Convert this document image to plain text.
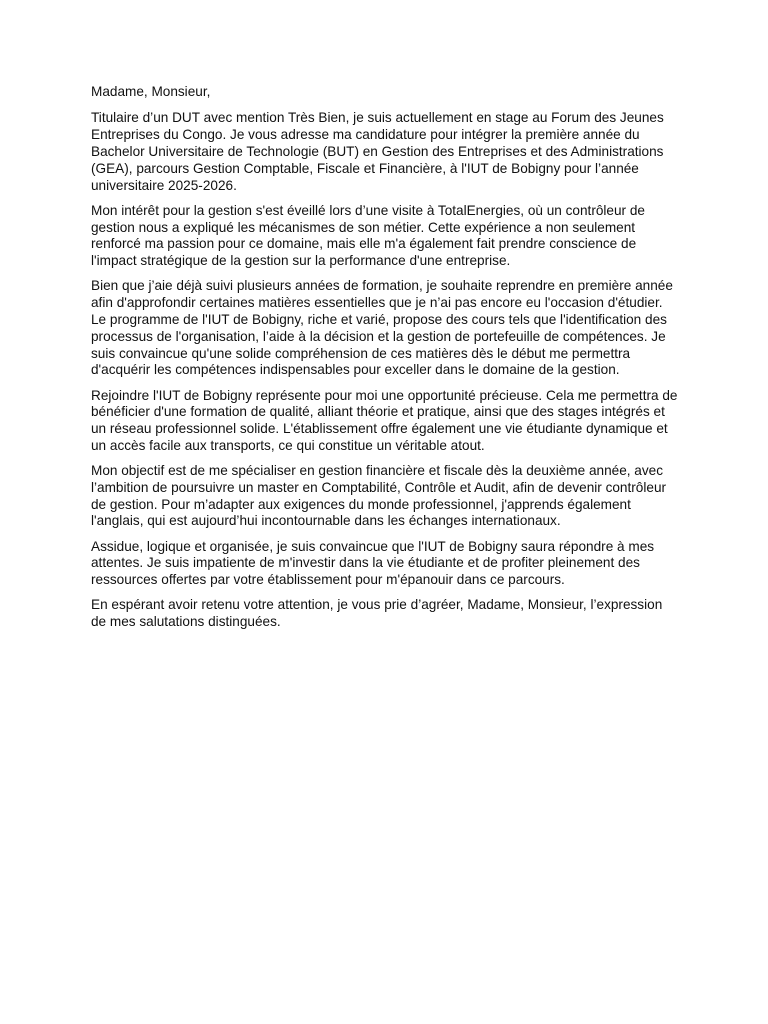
Madame, Monsieur,

Titulaire d’un DUT avec mention Très Bien, je suis actuellement en stage au Forum des Jeunes Entreprises du Congo. Je vous adresse ma candidature pour intégrer la première année du Bachelor Universitaire de Technologie (BUT) en Gestion des Entreprises et des Administrations (GEA), parcours Gestion Comptable, Fiscale et Financière, à l'IUT de Bobigny pour l’année universitaire 2025-2026.

Mon intérêt pour la gestion s'est éveillé lors d’une visite à TotalEnergies, où un contrôleur de gestion nous a expliqué les mécanismes de son métier. Cette expérience a non seulement renforcé ma passion pour ce domaine, mais elle m'a également fait prendre conscience de l'impact stratégique de la gestion sur la performance d'une entreprise.

Bien que j’aie déjà suivi plusieurs années de formation, je souhaite reprendre en première année afin d'approfondir certaines matières essentielles que je n’ai pas encore eu l'occasion d'étudier. Le programme de l'IUT de Bobigny, riche et varié, propose des cours tels que l'identification des processus de l'organisation, l’aide à la décision et la gestion de portefeuille de compétences. Je suis convaincue qu'une solide compréhension de ces matières dès le début me permettra d'acquérir les compétences indispensables pour exceller dans le domaine de la gestion.

Rejoindre l'IUT de Bobigny représente pour moi une opportunité précieuse. Cela me permettra de bénéficier d'une formation de qualité, alliant théorie et pratique, ainsi que des stages intégrés et un réseau professionnel solide. L'établissement offre également une vie étudiante dynamique et un accès facile aux transports, ce qui constitue un véritable atout.

Mon objectif est de me spécialiser en gestion financière et fiscale dès la deuxième année, avec l’ambition de poursuivre un master en Comptabilité, Contrôle et Audit, afin de devenir contrôleur de gestion. Pour m’adapter aux exigences du monde professionnel, j'apprends également l'anglais, qui est aujourd’hui incontournable dans les échanges internationaux.

Assidue, logique et organisée, je suis convaincue que l'IUT de Bobigny saura répondre à mes attentes. Je suis impatiente de m'investir dans la vie étudiante et de profiter pleinement des ressources offertes par votre établissement pour m'épanouir dans ce parcours.

En espérant avoir retenu votre attention, je vous prie d’agréer, Madame, Monsieur, l’expression de mes salutations distinguées.
